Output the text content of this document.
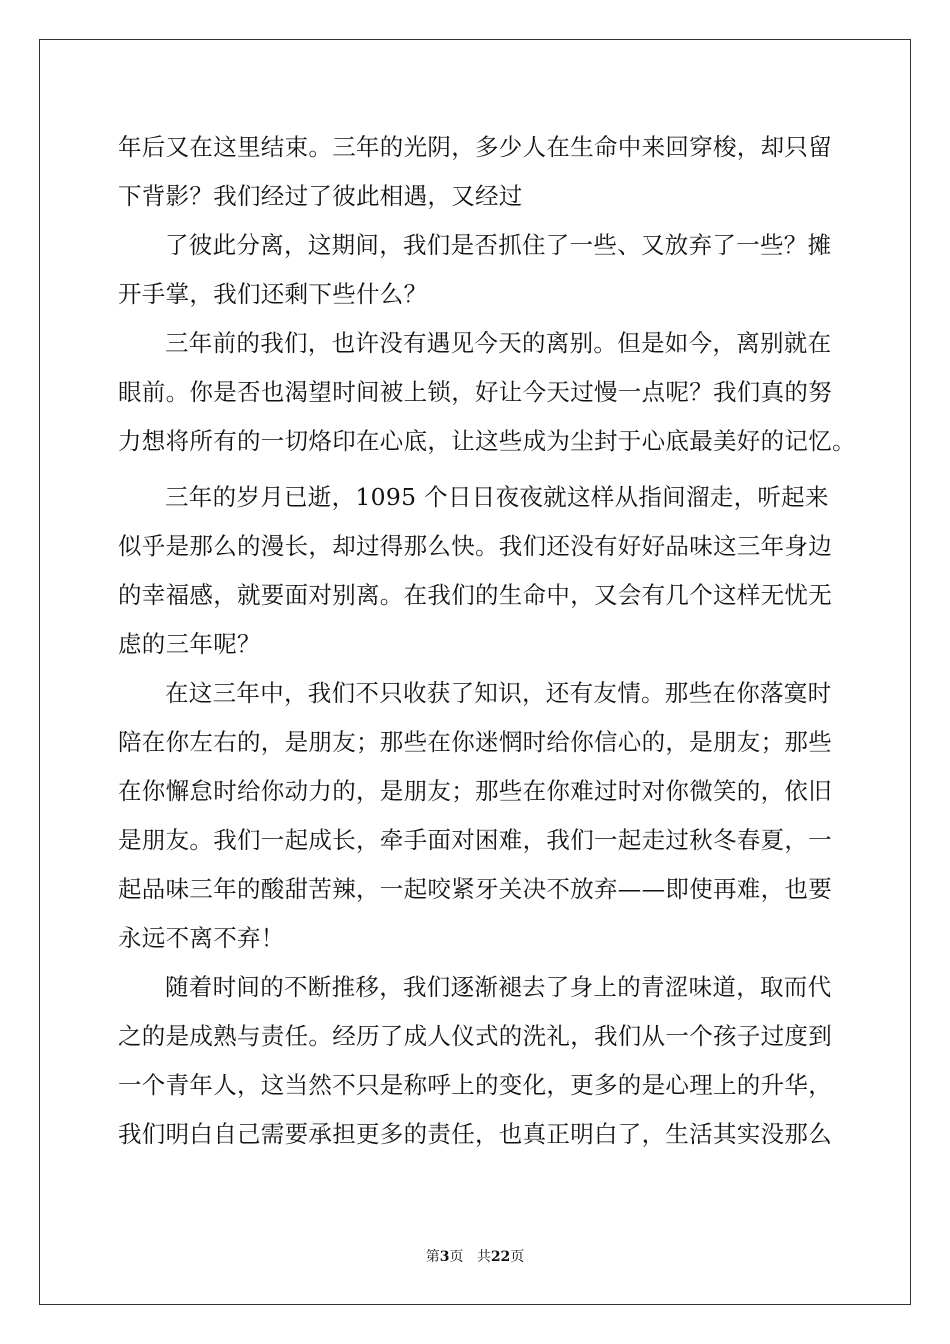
年后又在这里结束。三年的光阴，多少人在生命中来回穿梭，却只留
下背影？我们经过了彼此相遇，又经过
了彼此分离，这期间，我们是否抓住了一些、又放弃了一些？摊
开手掌，我们还剩下些什么？
三年前的我们，也许没有遇见今天的离别。但是如今，离别就在
眼前。你是否也渴望时间被上锁，好让今天过慢一点呢？我们真的努
力想将所有的一切烙印在心底，让这些成为尘封于心底最美好的记忆。
三年的岁月已逝，1095 个日日夜夜就这样从指间溜走，听起来
似乎是那么的漫长，却过得那么快。我们还没有好好品味这三年身边
的幸福感，就要面对别离。在我们的生命中，又会有几个这样无忧无
虑的三年呢？
在这三年中，我们不只收获了知识，还有友情。那些在你落寞时
陪在你左右的，是朋友；那些在你迷惘时给你信心的，是朋友；那些
在你懈怠时给你动力的，是朋友；那些在你难过时对你微笑的，依旧
是朋友。我们一起成长，牵手面对困难，我们一起走过秋冬春夏，一
起品味三年的酸甜苦辣，一起咬紧牙关决不放弃——即使再难，也要
永远不离不弃！
随着时间的不断推移，我们逐渐褪去了身上的青涩味道，取而代
之的是成熟与责任。经历了成人仪式的洗礼，我们从一个孩子过度到
一个青年人，这当然不只是称呼上的变化，更多的是心理上的升华，
我们明白自己需要承担更多的责任，也真正明白了，生活其实没那么
第3页 共22页
